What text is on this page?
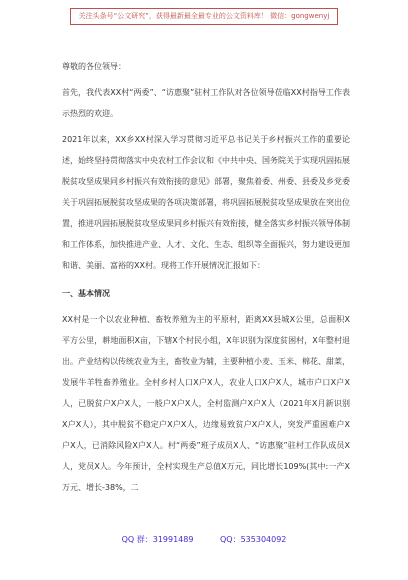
关注头条号“公文研究”，获得最新最全最专业的公文资料库！ 微信：gongwenyj

尊敬的各位领导：

首先，我代表XX村“两委”、“访惠聚”驻村工作队对各位领导莅临XX村指导工作表示热烈的欢迎。

2021年以来，XX乡XX村深入学习贯彻习近平总书记关于乡村振兴工作的重要论述，始终坚持贯彻落实中央农村工作会议和《中共中央、国务院关于实现巩固拓展脱贫攻坚成果同乡村振兴有效衔接的意见》部署，聚焦着委、州委、县委及乡党委关于巩固拓展脱贫攻坚成果的各项决策部署，将巩固拓展脱贫攻坚成果放在突出位置，推进巩固拓展脱贫攻坚成果同乡村振兴有效衔接，健全落实乡村振兴领导体制和工作体系，加快推进产业、人才、文化、生态、组织等全面振兴，努力建设更加和谐、美丽、富裕的XX村。现将工作开展情况汇报如下：

一、基本情况

XX村是一个以农业种植、畜牧养殖为主的平原村，距离XX县城X公里，总面积X平方公里，耕地面积X亩，下辖X个村民小组，X年识别为深度贫困村，X年整村退出。产业结构以传统农业为主，畜牧业为辅，主要种植小麦、玉米、棉花、甜菜，发展牛羊牲畜养殖业。全村乡村人口X户X人，农业人口X户X人，城市户口X户X人，已脱贫户X户X人，一般户X户X人，全村监测户X户X人（2021年X月新识别X户X人），其中脱贫不稳定户X户X人，边缘易致贫户X户X人，突发严重困难户X户X人，已消除风险X户X人。村“两委”班子成员X人、“访惠聚”驻村工作队成员X人，党员X人。今年预计，全村实现生产总值X万元，同比增长109%(其中:一产X万元、增长-38%，二

QQ 群：31991489	QQ：535304092
